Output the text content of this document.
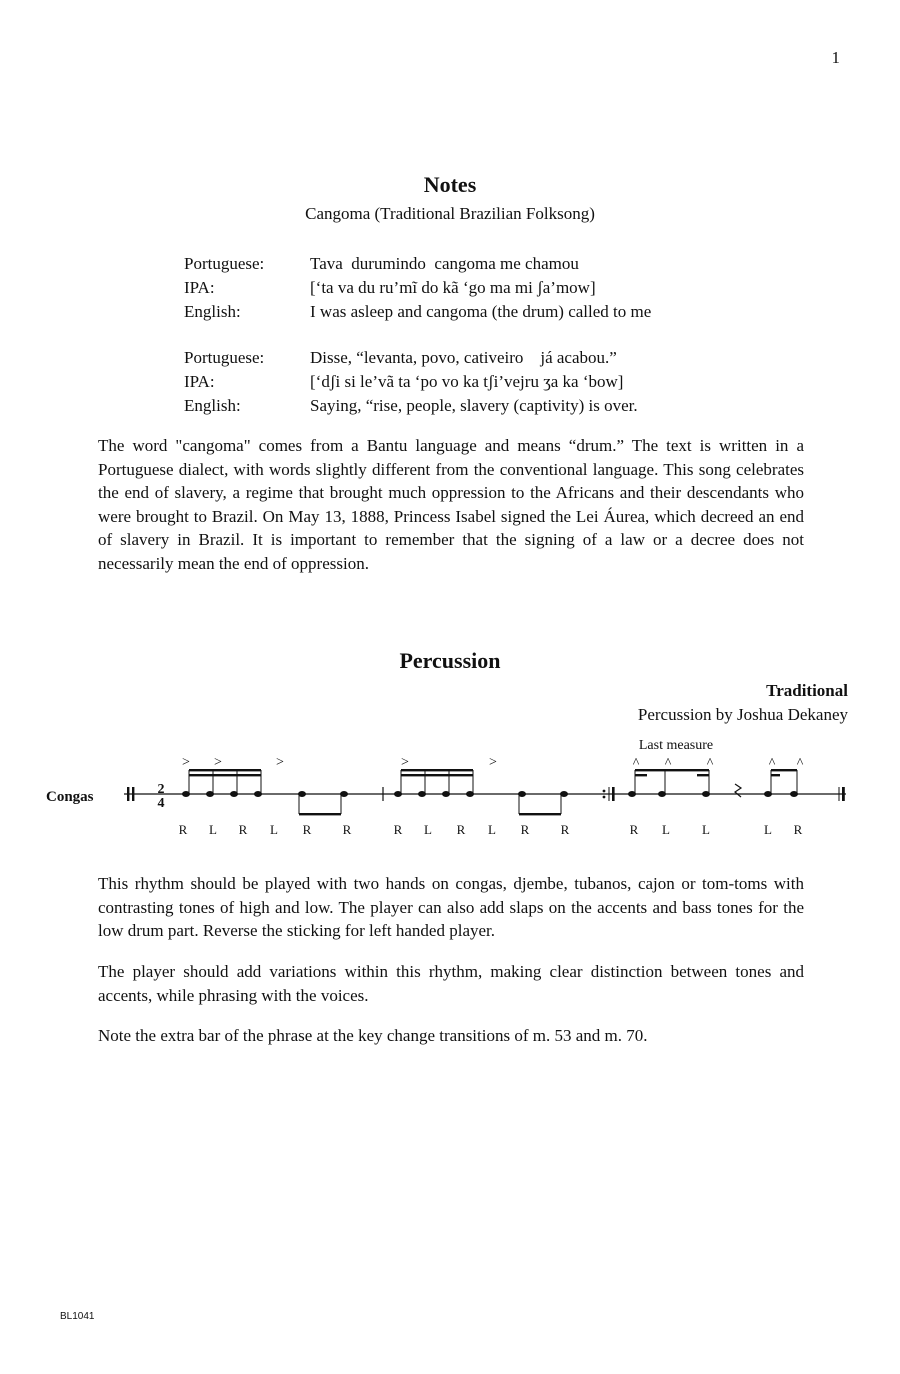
1
Notes
Cangoma (Traditional Brazilian Folksong)
Portuguese:	Tava  durumindo  cangoma me chamou
IPA:	[‘ta va du ru’mĩ do kã ‘go ma mi ʃa’mow]
English:	I was asleep and cangoma (the drum) called to me
Portuguese:	Disse, “levanta, povo, cativeiro    já acabou.”
IPA:	[‘dʃi si le’vã ta ‘po vo ka tʃi’vejru ʒa ka ‘bow]
English:	Saying, “rise, people, slavery (captivity) is over.

The word "cangoma" comes from a Bantu language and means “drum.” The text is written in a Portuguese dialect, with words slightly different from the conventional language. This song celebrates the end of slavery, a regime that brought much oppression to the Africans and their descendants who were brought to Brazil. On May 13, 1888, Princess Isabel signed the Lei Áurea, which decreed an end of slavery in Brazil. It is important to remember that the signing of a law or a decree does not necessarily mean the end of oppression.

Percussion
Traditional
Percussion by Joshua Dekaney
Congas	2
4
> >	>
R L R L R R
>	>
R L R L R R
Last measure
^ ^	^	^ ^
R L L	L R

This rhythm should be played with two hands on congas, djembe, tubanos, cajon or tom-toms with contrasting tones of high and low. The player can also add slaps on the accents and bass tones for the low drum part. Reverse the sticking for left handed player.

The player should add variations within this rhythm, making clear distinction between tones and accents, while phrasing with the voices.

Note the extra bar of the phrase at the key change transitions of m. 53 and m. 70.

BL1041
